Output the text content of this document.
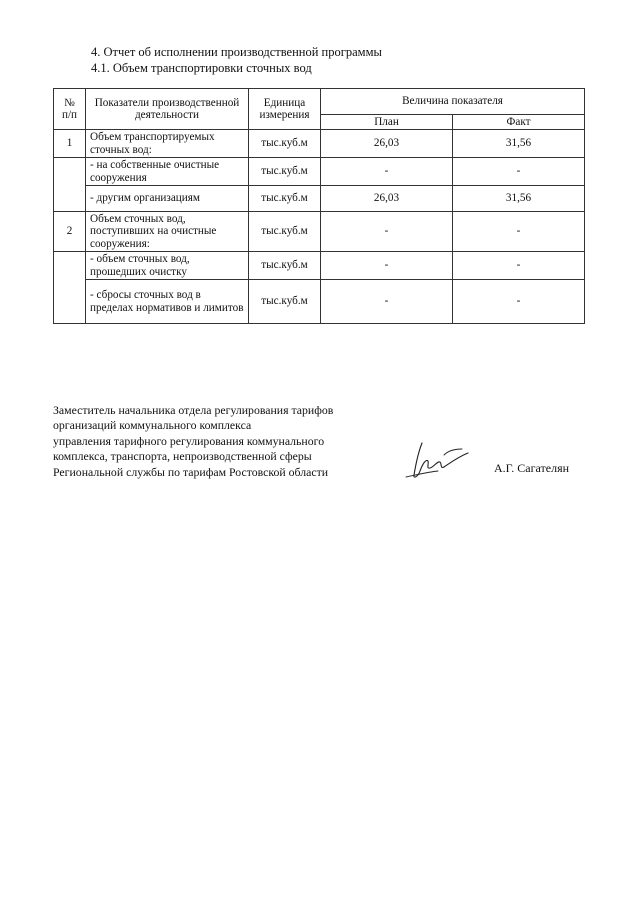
4. Отчет об исполнении производственной программы
4.1. Объем транспортировки сточных вод
№
п/п	Показатели производственной деятельности	Единица измерения	Величина показателя	
			План	Факт
1	Объем транспортируемых сточных вод:	тыс.куб.м	26,03	31,56
	- на собственные очистные сооружения	тыс.куб.м	-	-
	- другим организациям	тыс.куб.м	26,03	31,56
2	Объем сточных вод, поступивших на очистные сооружения:	тыс.куб.м	-	-
	- объем сточных вод, прошедших очистку	тыс.куб.м	-	-
	- сбросы сточных вод в пределах нормативов и лимитов	тыс.куб.м	-	-
Заместитель начальника отдела регулирования тарифов
организаций коммунального комплекса
управления тарифного регулирования коммунального
комплекса, транспорта, непроизводственной сферы
Региональной службы по тарифам Ростовской области	А.Г. Сагателян
